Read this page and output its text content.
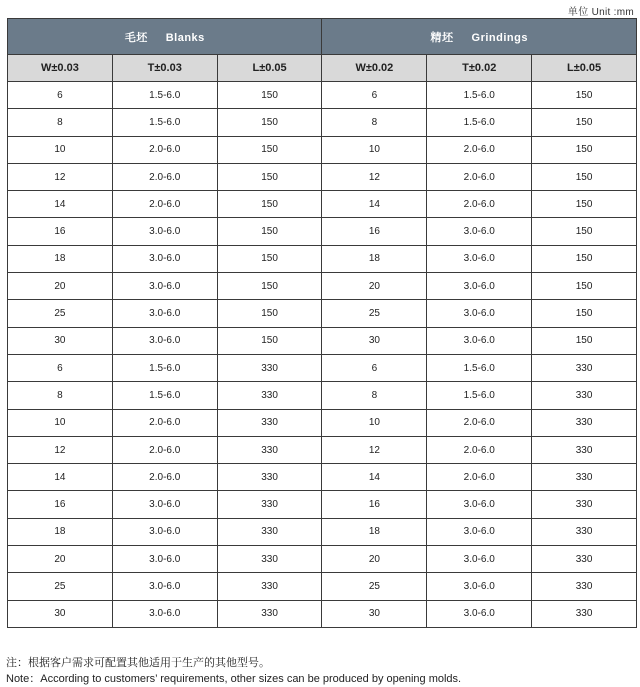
单位 Unit :mm
毛坯 Blanks			精坯 Grindings		
W±0.03	T±0.03	L±0.05	W±0.02	T±0.02	L±0.05
6	1.5-6.0	150	6	1.5-6.0	150
8	1.5-6.0	150	8	1.5-6.0	150
10	2.0-6.0	150	10	2.0-6.0	150
12	2.0-6.0	150	12	2.0-6.0	150
14	2.0-6.0	150	14	2.0-6.0	150
16	3.0-6.0	150	16	3.0-6.0	150
18	3.0-6.0	150	18	3.0-6.0	150
20	3.0-6.0	150	20	3.0-6.0	150
25	3.0-6.0	150	25	3.0-6.0	150
30	3.0-6.0	150	30	3.0-6.0	150
6	1.5-6.0	330	6	1.5-6.0	330
8	1.5-6.0	330	8	1.5-6.0	330
10	2.0-6.0	330	10	2.0-6.0	330
12	2.0-6.0	330	12	2.0-6.0	330
14	2.0-6.0	330	14	2.0-6.0	330
16	3.0-6.0	330	16	3.0-6.0	330
18	3.0-6.0	330	18	3.0-6.0	330
20	3.0-6.0	330	20	3.0-6.0	330
25	3.0-6.0	330	25	3.0-6.0	330
30	3.0-6.0	330	30	3.0-6.0	330
注：根据客户需求可配置其他适用于生产的其他型号。
Note：According to customers’ requirements, other sizes can be produced by opening molds.
